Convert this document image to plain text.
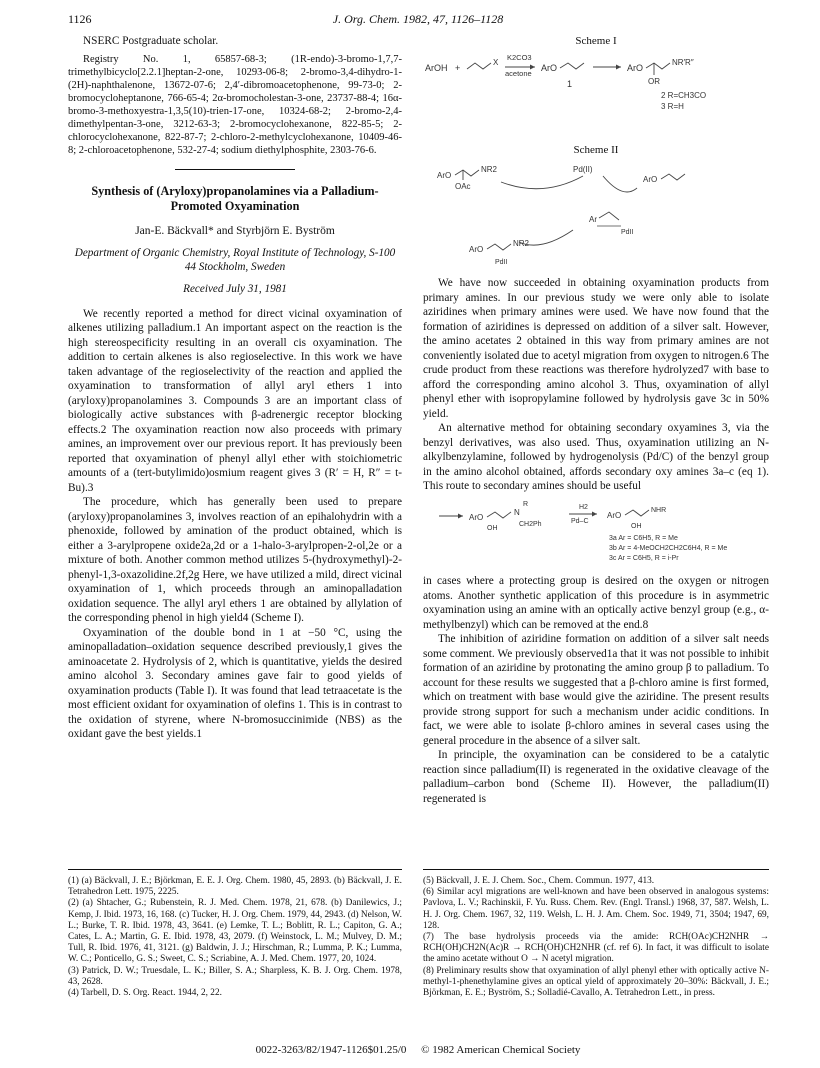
1126	J. Org. Chem. 1982, 47, 1126–1128

NSERC Postgraduate scholar.

Registry No. 1, 65857-68-3; (1R-endo)-3-bromo-1,7,7-trimethylbicyclo[2.2.1]heptan-2-one, 10293-06-8; 2-bromo-3,4-dihydro-1-(2H)-naphthalenone, 13672-07-6; 2,4′-dibromoacetophenone, 99-73-0; 2-bromocycloheptanone, 766-65-4; 2α-bromocholestan-3-one, 23737-88-4; 16α-bromo-3-methoxyestra-1,3,5(10)-trien-17-one, 10324-68-2; 2-bromo-2,4-dimethylpentan-3-one, 3212-63-3; 2-bromocyclohexanone, 822-85-5; 2-chlorocyclohexanone, 822-87-7; 2-chloro-2-methylcyclohexanone, 10409-46-8; 2-chloroacetophenone, 532-27-4; sodium diethylphosphite, 2303-76-6.

Synthesis of (Aryloxy)propanolamines via a Palladium-Promoted Oxyamination
Jan-E. Bäckvall* and Styrbjörn E. Byström
Department of Organic Chemistry, Royal Institute of Technology, S-100 44 Stockholm, Sweden
Received July 31, 1981

We recently reported a method for direct vicinal oxyamination of alkenes utilizing palladium.1 An important aspect on the reaction is the high stereospecificity resulting in an overall cis oxyamination. The addition to certain alkenes is also regioselective. In this work we have taken advantage of the regioselectivity of the reaction and applied the oxyamination to transformation of allyl aryl ethers 1 into (aryloxy)propanolamines 3. Compounds 3 are an important class of biologically active substances with β-adrenergic receptor blocking effects.2 The oxyamination reaction now also proceeds with primary amines, an improvement over our previous report. It has previously been reported that oxyamination of phenyl allyl ether with stoichiometric amounts of a (tert-butylimido)osmium reagent gives 3 (R′ = H, R″ = t-Bu).3

The procedure, which has generally been used to prepare (aryloxy)propanolamines 3, involves reaction of an epihalohydrin with a phenoxide, followed by amination of the product obtained, which is either a 3-arylpropene oxide2a,2d or a 1-halo-3-arylpropen-2-ol,2e or a mixture of both. Another common method utilizes 5-(hydroxymethyl)-2-phenyl-1,3-oxazolidine.2f,2g Here, we have utilized a mild, direct vicinal oxyamination of 1, which proceeds through an aminopalladation oxidation sequence. The allyl aryl ethers 1 are obtained by allylation of the corresponding phenol in high yield4 (Scheme I).

Oxyamination of the double bond in 1 at −50 °C, using the aminopalladation–oxidation sequence described previously,1 gives the aminoacetate 2. Hydrolysis of 2, which is quantitative, yields the desired amino alcohol 3. Secondary amines gave fair to good yields of oxyamination products (Table I). It was found that lead tetraacetate is the most efficient oxidant for oxyamination of olefins 1. This is in contrast to the oxidation of styrene, where N-bromosuccinimide (NBS) as the oxidant gave the best yields.1

Scheme I
ArOH +
X
K2CO3
acetone
ArO
1
ArO
OR
NR′R″
2 R=CH3CO
3 R=H
Scheme II
ArO
NR2
OAc
Pd(II)
ArO
Ar
PdII
ArO
NR2
PdII

We have now succeeded in obtaining oxyamination products from primary amines. In our previous study we were only able to isolate aziridines when primary amines were used. We have now found that the formation of aziridines is depressed on addition of a silver salt. However, the amino acetates 2 obtained in this way from primary amines are not conveniently isolated due to acetyl migration from oxygen to nitrogen.6 The crude product from these reactions was therefore hydrolyzed7 with base to afford the corresponding amino alcohol 3. Thus, oxyamination of allyl phenyl ether with isopropylamine followed by hydrolysis gave 3c in 50% yield.

An alternative method for obtaining secondary oxyamines 3, via the benzyl derivatives, was also used. Thus, oxyamination utilizing an N-alkylbenzylamine, followed by hydrogenolysis (Pd/C) of the benzyl group in the amino alcohol obtained, affords secondary oxy amines 3a–c (eq 1). This route to secondary amines should be useful

ArO
N
R
OH
CH2Ph
H2
Pd–C
ArO
NHR
OH
3a Ar = C6H5, R = Me
3b Ar = 4-MeOCH2CH2C6H4, R = Me
3c Ar = C6H5, R = i-Pr

in cases where a protecting group is desired on the oxygen or nitrogen atoms. Another synthetic application of this procedure is in asymmetric oxyamination using an amine with an optically active benzyl group (e.g., α-methylbenzyl) which can be removed at the end.8

The inhibition of aziridine formation on addition of a silver salt needs some comment. We previously observed1a that it was not possible to inhibit formation of an aziridine by protonating the amino group β to palladium. To account for these results we suggested that a β-chloro amine is first formed, which on treatment with base would give the aziridine. The present results provide strong support for such a mechanism under acidic conditions. In fact, we were able to isolate β-chloro amines in several cases using the general procedure in the absence of a silver salt.

In principle, the oxyamination can be considered to be a catalytic reaction since palladium(II) is regenerated in the oxidative cleavage of the palladium–carbon bond (Scheme II). However, the palladium(II) regenerated is

(1) (a) Bäckvall, J. E.; Björkman, E. E. J. Org. Chem. 1980, 45, 2893. (b) Bäckvall, J. E. Tetrahedron Lett. 1975, 2225.
(2) (a) Shtacher, G.; Rubenstein, R. J. Med. Chem. 1978, 21, 678. (b) Danilewics, J.; Kemp, J. Ibid. 1973, 16, 168. (c) Tucker, H. J. Org. Chem. 1979, 44, 2943. (d) Nelson, W. L.; Burke, T. R. Ibid. 1978, 43, 3641. (e) Lemke, T. L.; Boblitt, R. L.; Capiton, G. A.; Cates, L. A.; Martin, G. E. Ibid. 1978, 43, 2079. (f) Weinstock, L. M.; Mulvey, D. M.; Tull, R. Ibid. 1976, 41, 3121. (g) Baldwin, J. J.; Hirschman, R.; Lumma, P. K.; Lumma, W. C.; Ponticello, G. S.; Sweet, C. S.; Scriabine, A. J. Med. Chem. 1977, 20, 1024.
(3) Patrick, D. W.; Truesdale, L. K.; Biller, S. A.; Sharpless, K. B. J. Org. Chem. 1978, 43, 2628.
(4) Tarbell, D. S. Org. React. 1944, 2, 22.
(5) Bäckvall, J. E. J. Chem. Soc., Chem. Commun. 1977, 413.
(6) Similar acyl migrations are well-known and have been observed in analogous systems: Pavlova, L. V.; Rachinskii, F. Yu. Russ. Chem. Rev. (Engl. Transl.) 1968, 37, 587. Welsh, L. H. J. Org. Chem. 1967, 32, 119. Welsh, L. H. J. Am. Chem. Soc. 1949, 71, 3504; 1947, 69, 128.
(7) The base hydrolysis proceeds via the amide: RCH(OAc)CH2NHR → RCH(OH)CH2N(Ac)R → RCH(OH)CH2NHR (cf. ref 6). In fact, it was difficult to isolate the amino acetate without O → N acetyl migration.
(8) Preliminary results show that oxyamination of allyl phenyl ether with optically active N-methyl-1-phenethylamine gives an optical yield of approximately 20–30%: Bäckvall, J. E.; Björkman, E. E.; Byström, S.; Solladié-Cavallo, A. Tetrahedron Lett., in press.
0022-3263/82/1947-1126$01.25/0 © 1982 American Chemical Society
